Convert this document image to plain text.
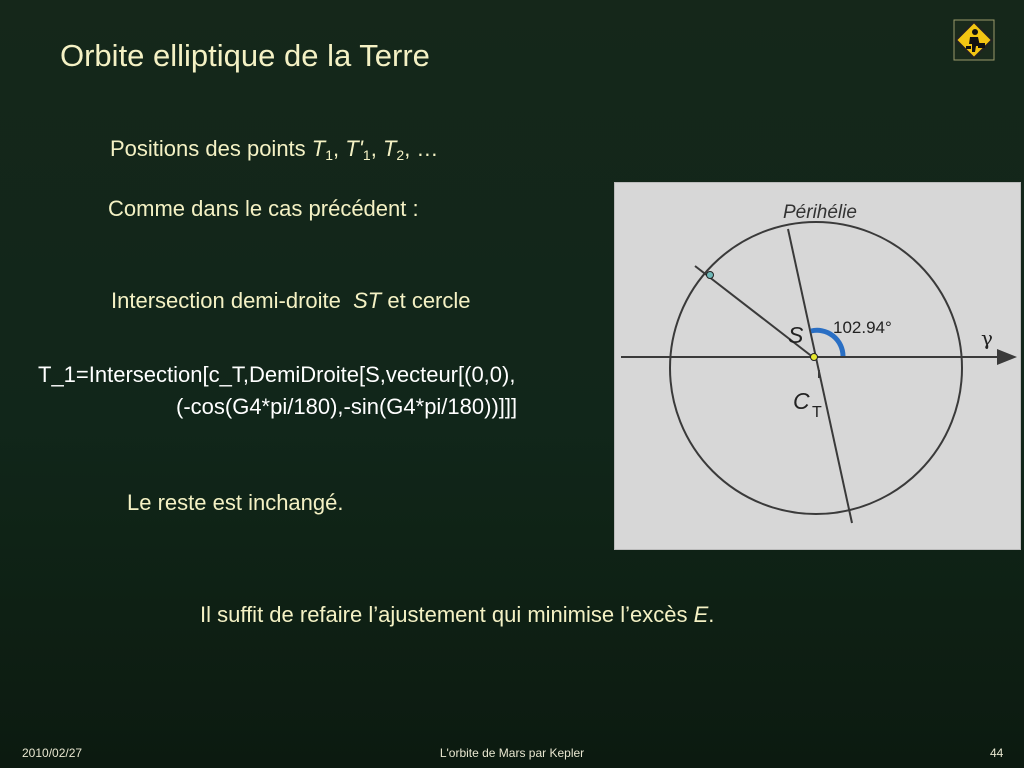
Orbite elliptique de la Terre
Positions des points $T_1$, $T'_1$, $T_2$, …
Comme dans le cas précédent :
Intersection demi-droite ST et cercle
T_1=Intersection[c_T,DemiDroite[S,vecteur[(0,0),
(-cos(G4*pi/180),-sin(G4*pi/180))]]]
Le reste est inchangé.
Il suffit de refaire l’ajustement qui minimise l’excès E.
Périhélie
102.94°
S
C T
γ
2010/02/27	L'orbite de Mars par Kepler	44
